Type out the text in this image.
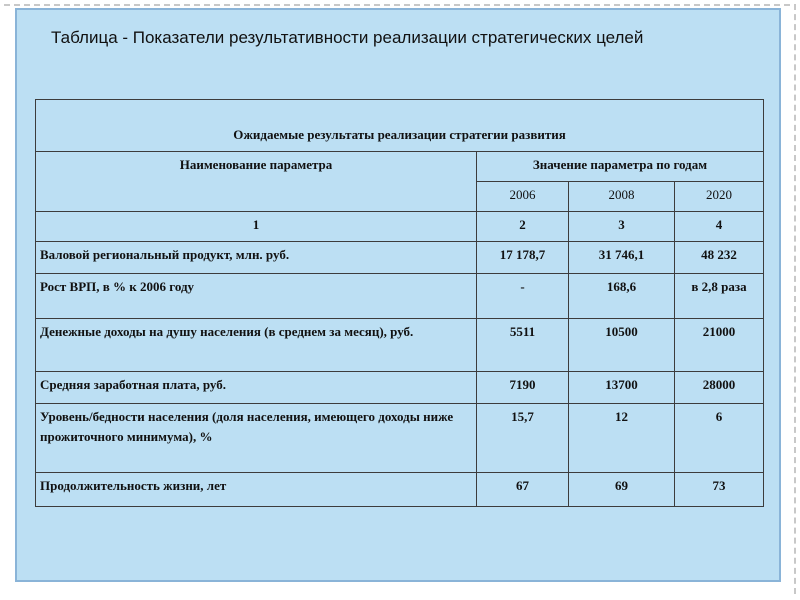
Таблица - Показатели результативности реализации стратегических целей
Ожидаемые результаты реализации стратегии развития			
Наименование параметра	Значение параметра по годам		
	2006	2008	2020
1	2	3	4
Валовой региональный продукт, млн. руб.	17 178,7	31 746,1	48 232
Рост ВРП, в % к 2006 году	-	168,6	в 2,8 раза
Денежные доходы на душу населения (в среднем за месяц), руб.	5511	10500	21000
Средняя заработная плата, руб.	7190	13700	28000
Уровень/бедности населения (доля населения, имеющего доходы ниже прожиточного минимума), %	15,7	12	6
Продолжительность жизни, лет	67	69	73
